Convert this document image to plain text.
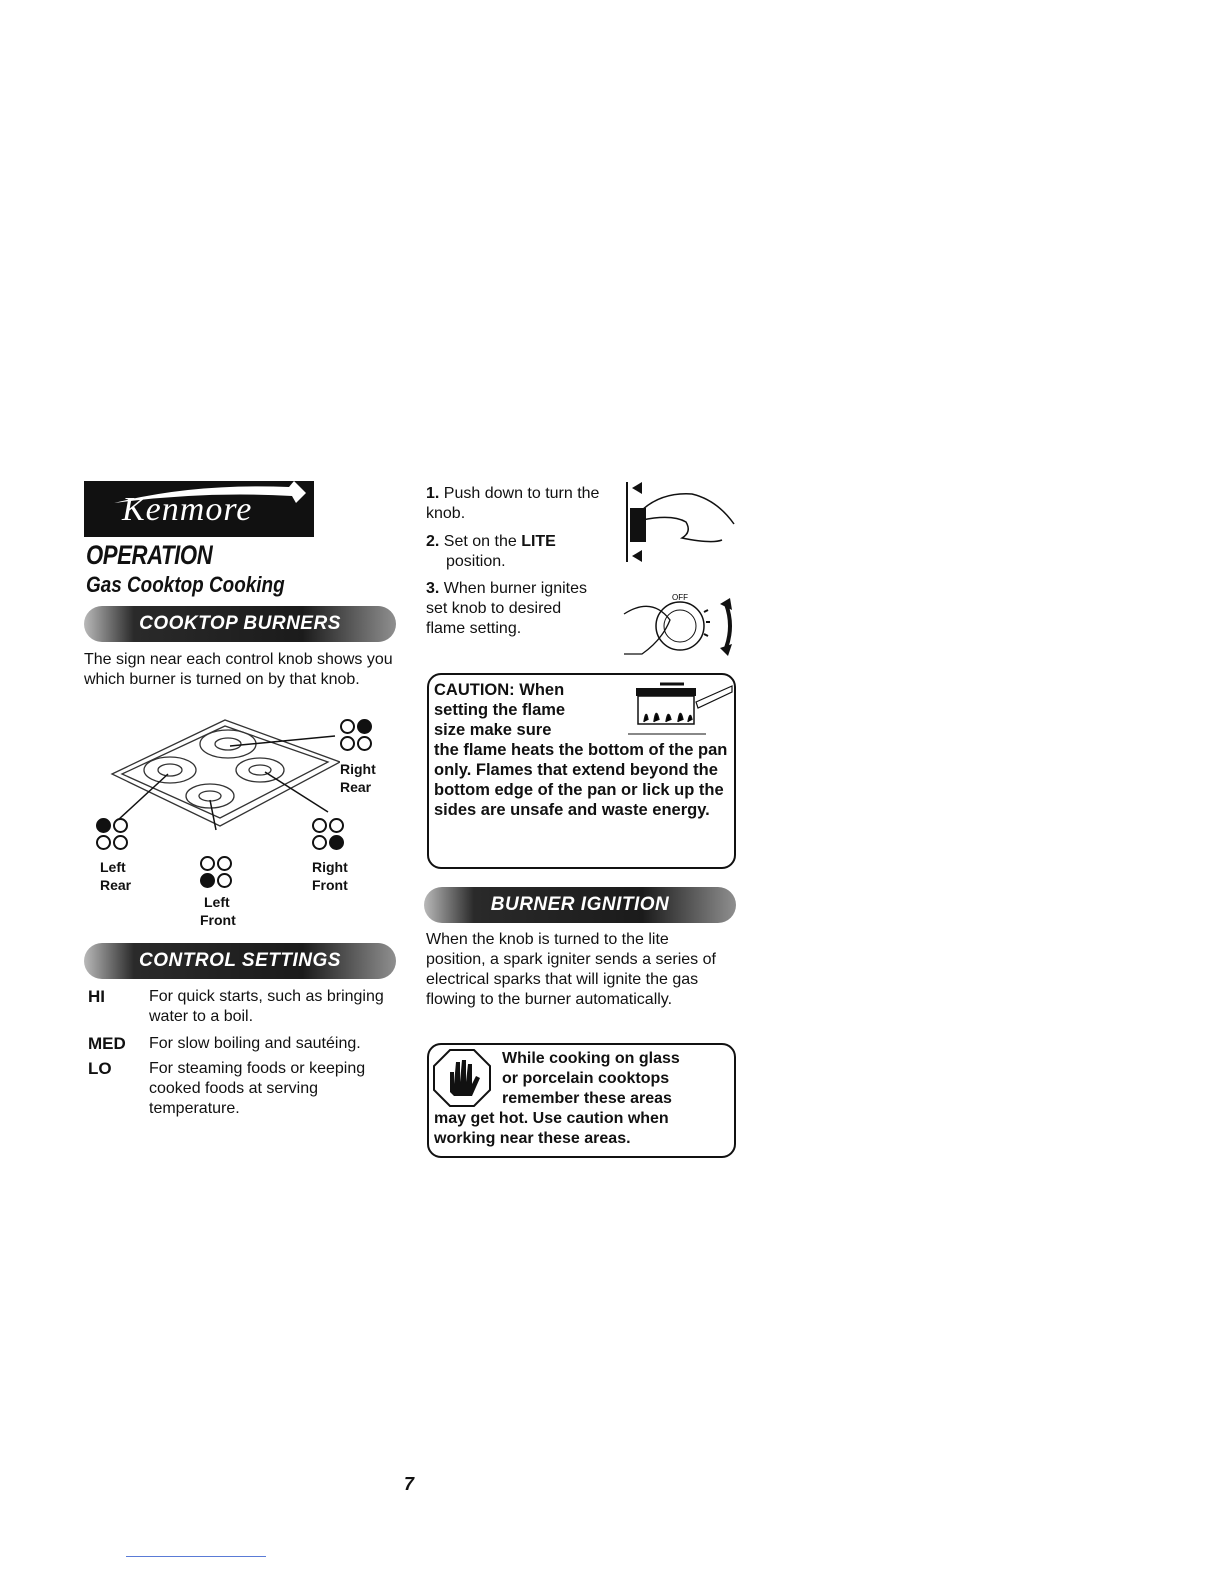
Kenmore
OPERATION
Gas Cooktop Cooking
COOKTOP BURNERS
The sign near each control knob shows you which burner is turned on by that knob.
Right
Rear
Left
Rear
Right
Front
Left
Front
CONTROL SETTINGS
HI	For quick starts, such as bringing water to a boil.
MED For slow boiling and sautéing.
LO For steaming foods or keeping cooked foods at serving temperature.
1. Push down to turn the knob.
2. Set on the LITE
position.
3. When burner ignites set knob to desired flame setting.
OFF
CAUTION: When
setting the flame
size make sure
the flame heats the bottom of the pan only. Flames that extend beyond the bottom edge of the pan or lick up the sides are unsafe and waste energy.
BURNER IGNITION
When the knob is turned to the lite position, a spark igniter sends a series of electrical sparks that will ignite the gas flowing to the burner automatically.
While cooking on glass
or porcelain cooktops
remember these areas
may get hot. Use caution when working near these areas.
7
